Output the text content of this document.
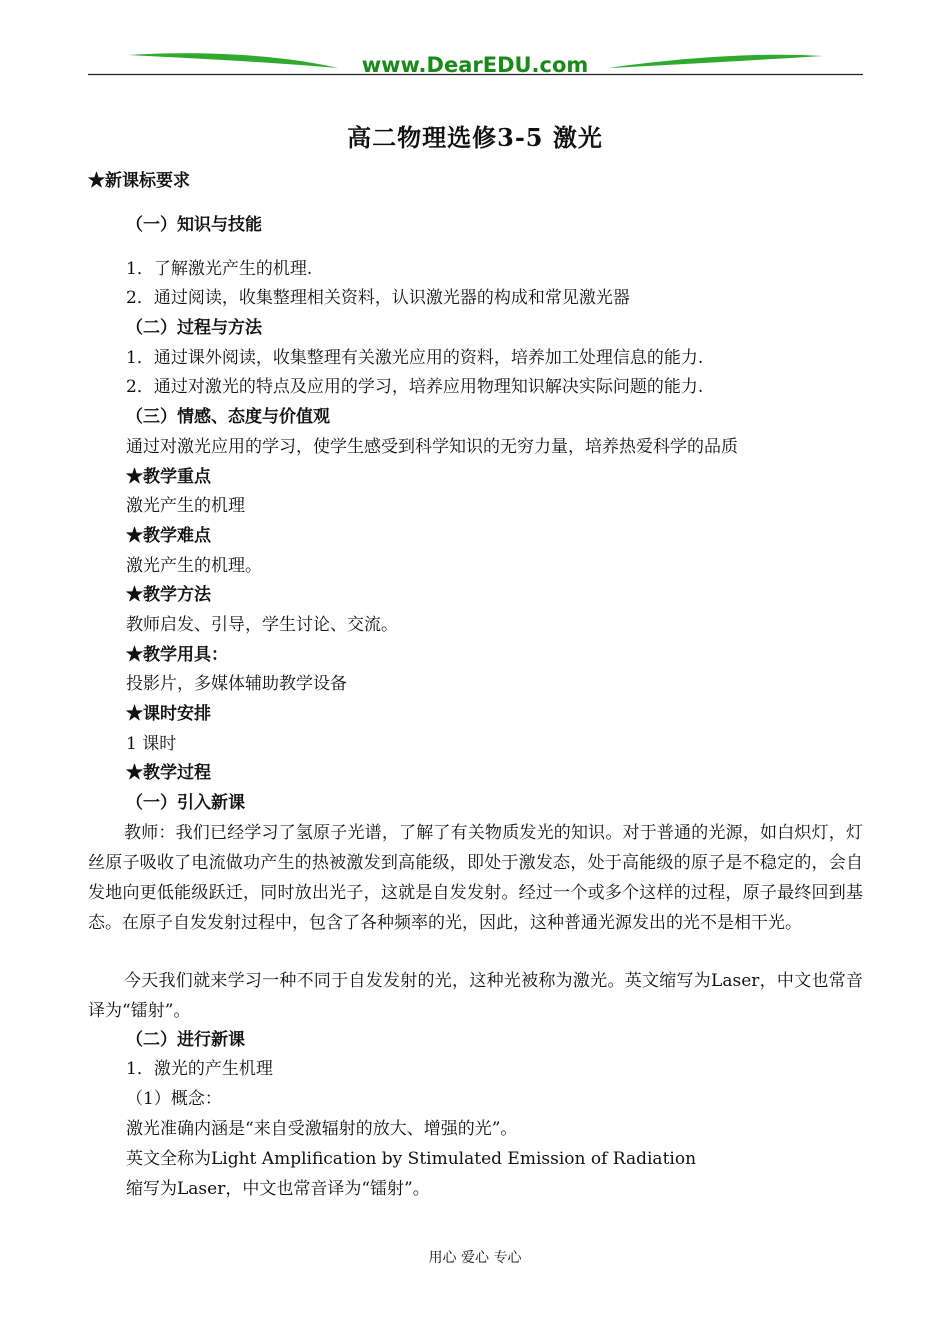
www.DearEDU.com
高二物理选修3-5 激光
★新课标要求
（一）知识与技能
1．了解激光产生的机理.
2．通过阅读，收集整理相关资料，认识激光器的构成和常见激光器
（二）过程与方法
1．通过课外阅读，收集整理有关激光应用的资料，培养加工处理信息的能力.
2．通过对激光的特点及应用的学习，培养应用物理知识解决实际问题的能力.
（三）情感、态度与价值观
通过对激光应用的学习，使学生感受到科学知识的无穷力量，培养热爱科学的品质
★教学重点
激光产生的机理
★教学难点
激光产生的机理。
★教学方法
教师启发、引导，学生讨论、交流。
★教学用具：
投影片，多媒体辅助教学设备
★课时安排
1 课时
★教学过程
（一）引入新课
教师：我们已经学习了氢原子光谱，了解了有关物质发光的知识。对于普通的光源，如白炽灯，灯丝原子吸收了电流做功产生的热被激发到高能级，即处于激发态，处于高能级的原子是不稳定的，会自发地向更低能级跃迁，同时放出光子，这就是自发发射。经过一个或多个这样的过程，原子最终回到基态。在原子自发发射过程中，包含了各种频率的光，因此，这种普通光源发出的光不是相干光。
今天我们就来学习一种不同于自发发射的光，这种光被称为激光。英文缩写为Laser，中文也常音译为“镭射”。
（二）进行新课
1．激光的产生机理
（1）概念：
激光准确内涵是“来自受激辐射的放大、增强的光”。
英文全称为Light Amplification by Stimulated Emission of Radiation
缩写为Laser，中文也常音译为“镭射”。
用心 爱心 专心
